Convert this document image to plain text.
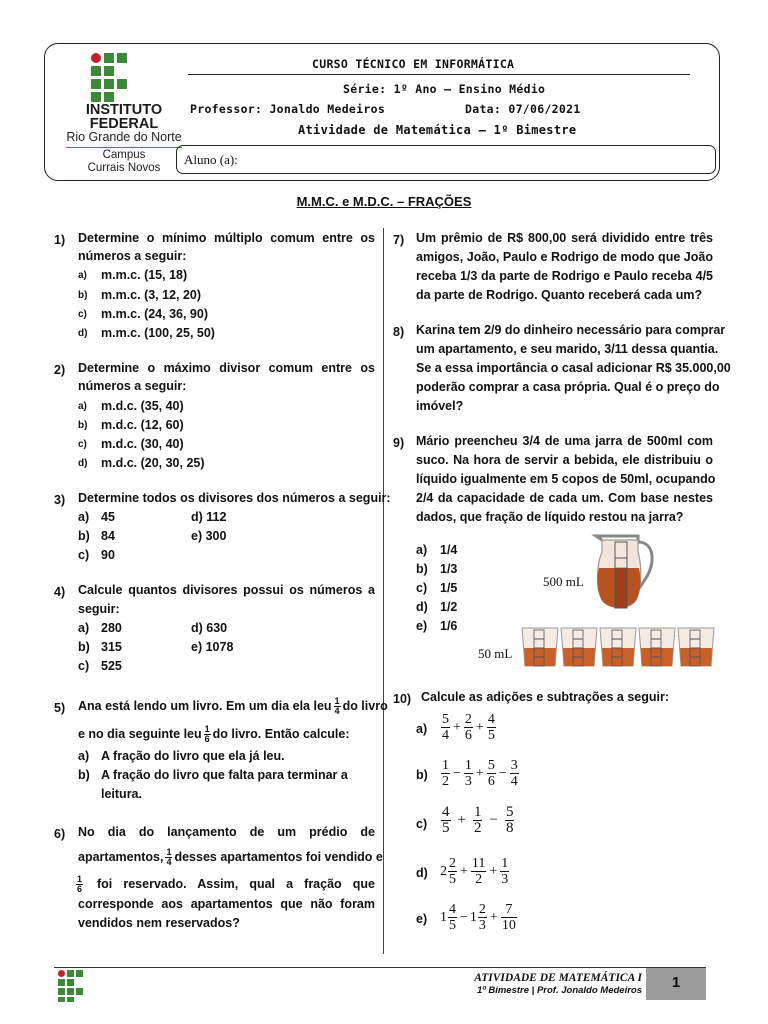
INSTITUTO
FEDERAL
Rio Grande do Norte
Campus
Currais Novos
CURSO TÉCNICO EM INFORMÁTICA
Série: 1º Ano – Ensino Médio
Professor: Jonaldo Medeiros	Data: 07/06/2021
Atividade de Matemática – 1º Bimestre
Aluno (a):
M.M.C. e M.D.C. – FRAÇÕES
1) Determine o mínimo múltiplo comum entre os
números a seguir:
a) m.m.c. (15, 18)
b) m.m.c. (3, 12, 20)
c) m.m.c. (24, 36, 90)
d) m.m.c. (100, 25, 50)
2) Determine o máximo divisor comum entre os
números a seguir:
a) m.d.c. (35, 40)
b) m.d.c. (12, 60)
c) m.d.c. (30, 40)
d) m.d.c. (20, 30, 25)
3) Determine todos os divisores dos números a seguir:
a) 45	d) 112
b) 84	e) 300
c) 90
4) Calcule quantos divisores possui os números a
seguir:
a) 280	d) 630
b) 315	e) 1078
c) 525
5) Ana está lendo um livro. Em um dia ela leu $\frac{1}{4}$ do livro
e no dia seguinte leu $\frac{1}{6}$ do livro. Então calcule:
a) A fração do livro que ela já leu.
b) A fração do livro que falta para terminar a
leitura.
6) No dia do lançamento de um prédio de
apartamentos, $\frac{1}{4}$ desses apartamentos foi vendido e
$\frac{1}{6}$ foi reservado. Assim, qual a fração que
corresponde aos apartamentos que não foram
vendidos nem reservados?
7) Um prêmio de R$ 800,00 será dividido entre três
amigos, João, Paulo e Rodrigo de modo que João
receba 1/3 da parte de Rodrigo e Paulo receba 4/5
da parte de Rodrigo. Quanto receberá cada um?
8) Karina tem 2/9 do dinheiro necessário para comprar
um apartamento, e seu marido, 3/11 dessa quantia.
Se a essa importância o casal adicionar R$ 35.000,00
poderão comprar a casa própria. Qual é o preço do
imóvel?
9) Mário preencheu 3/4 de uma jarra de 500ml com
suco. Na hora de servir a bebida, ele distribuiu o
líquido igualmente em 5 copos de 50ml, ocupando
2/4 da capacidade de cada um. Com base nestes
dados, que fração de líquido restou na jarra?
a) 1/4
b) 1/3
c) 1/5
d) 1/2
e) 1/6
500 mL
50 mL
10) Calcule as adições e subtrações a seguir:
$a) \frac{5}{4} + \frac{2}{6} + \frac{4}{5}$
$b) \frac{1}{2} - \frac{1}{3} + \frac{5}{6} - \frac{3}{4}$
$c) \frac{4}{5} + \frac{1}{2} - \frac{5}{8}$
d) $2 \frac{2}{5} + \frac{11}{2} + \frac{1}{3}$
e) $1 \frac{4}{5} - 1 \frac{2}{3} + \frac{7}{10}$
ATIVIDADE DE MATEMÁTICA I
1º Bimestre | Prof. Jonaldo Medeiros	1
